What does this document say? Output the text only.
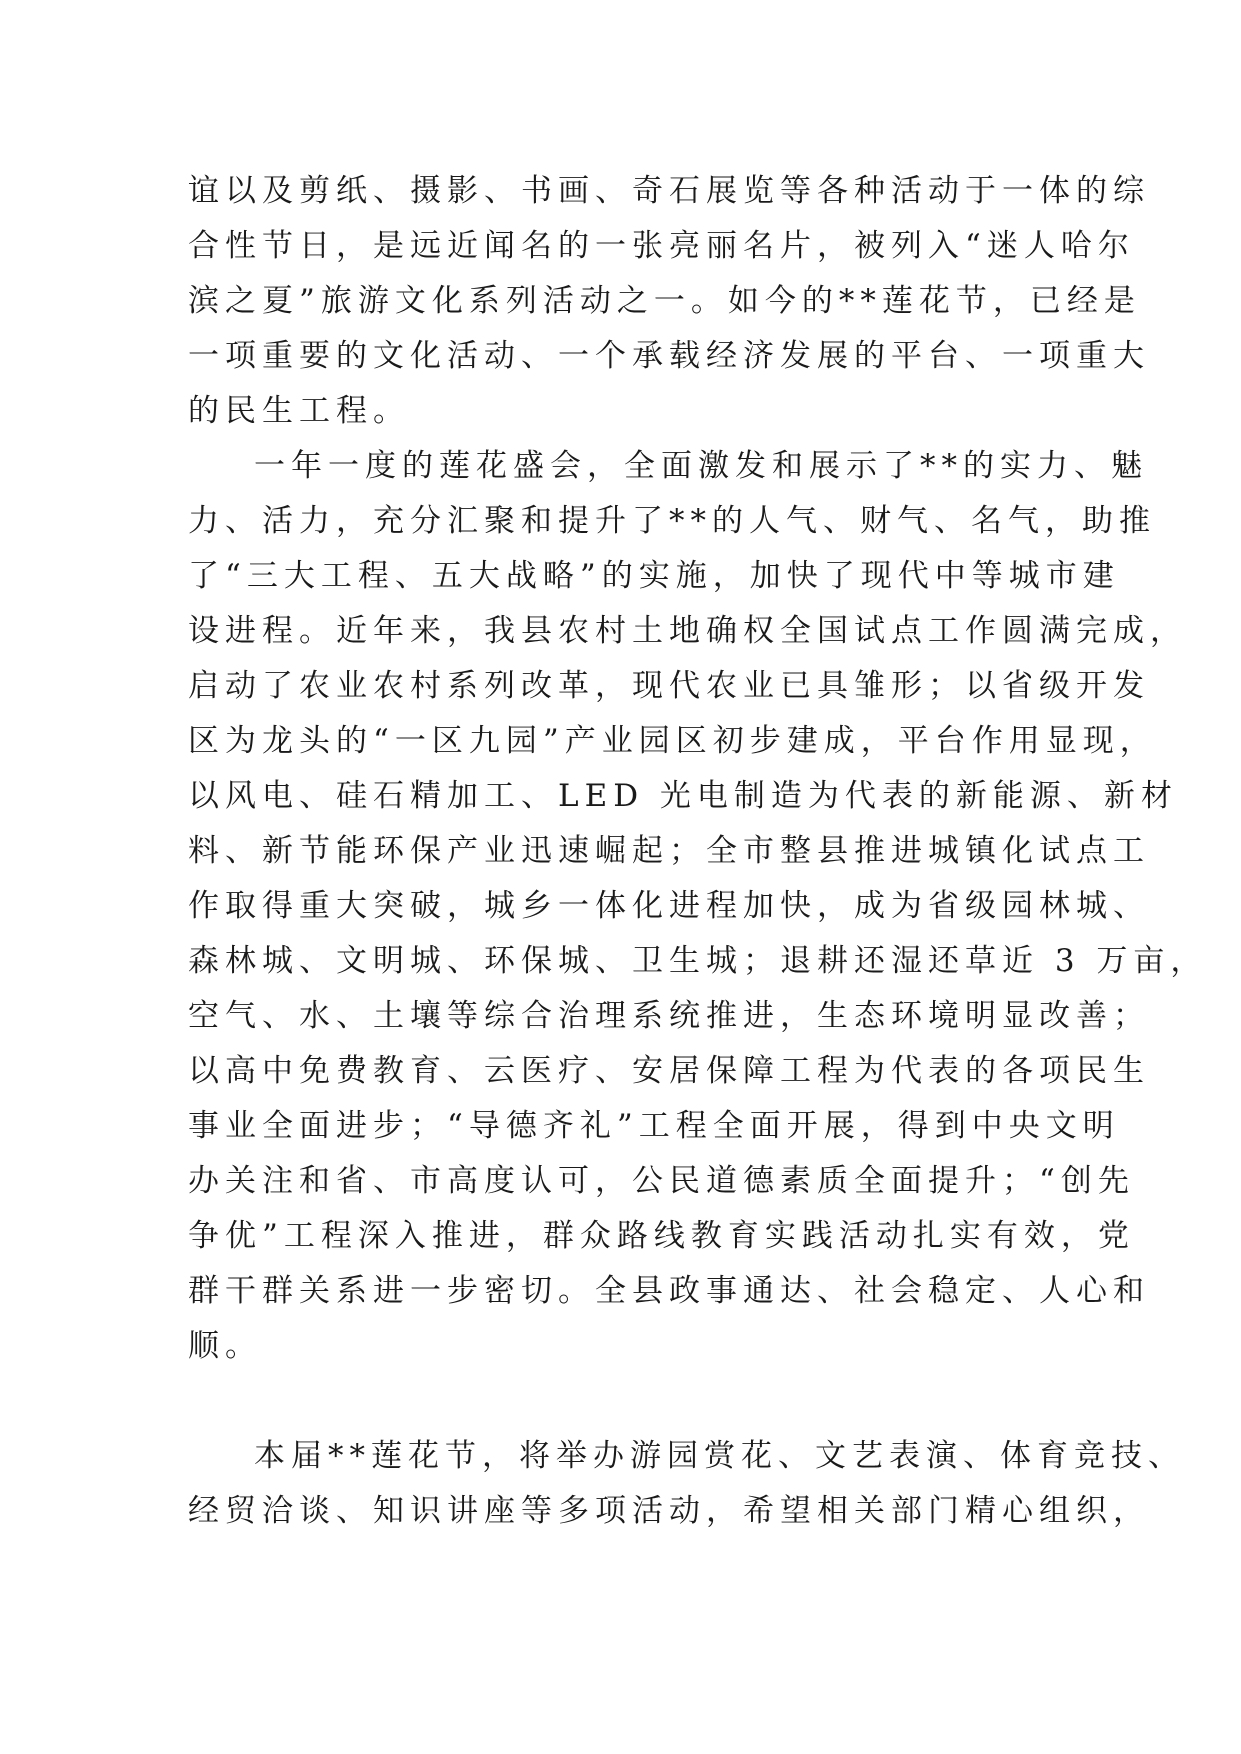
谊以及剪纸、摄影、书画、奇石展览等各种活动于一体的综
合性节日，是远近闻名的一张亮丽名片，被列入“迷人哈尔
滨之夏”旅游文化系列活动之一。如今的**莲花节，已经是
一项重要的文化活动、一个承载经济发展的平台、一项重大
的民生工程。
一年一度的莲花盛会，全面激发和展示了**的实力、魅
力、活力，充分汇聚和提升了**的人气、财气、名气，助推
了“三大工程、五大战略”的实施，加快了现代中等城市建
设进程。近年来，我县农村土地确权全国试点工作圆满完成，
启动了农业农村系列改革，现代农业已具雏形；以省级开发
区为龙头的“一区九园”产业园区初步建成，平台作用显现，
以风电、硅石精加工、LED 光电制造为代表的新能源、新材
料、新节能环保产业迅速崛起；全市整县推进城镇化试点工
作取得重大突破，城乡一体化进程加快，成为省级园林城、
森林城、文明城、环保城、卫生城；退耕还湿还草近 3 万亩，
空气、水、土壤等综合治理系统推进，生态环境明显改善；
以高中免费教育、云医疗、安居保障工程为代表的各项民生
事业全面进步；“导德齐礼”工程全面开展，得到中央文明
办关注和省、市高度认可，公民道德素质全面提升；“创先
争优”工程深入推进，群众路线教育实践活动扎实有效，党
群干群关系进一步密切。全县政事通达、社会稳定、人心和
顺。
本届**莲花节，将举办游园赏花、文艺表演、体育竞技、
经贸洽谈、知识讲座等多项活动，希望相关部门精心组织，
